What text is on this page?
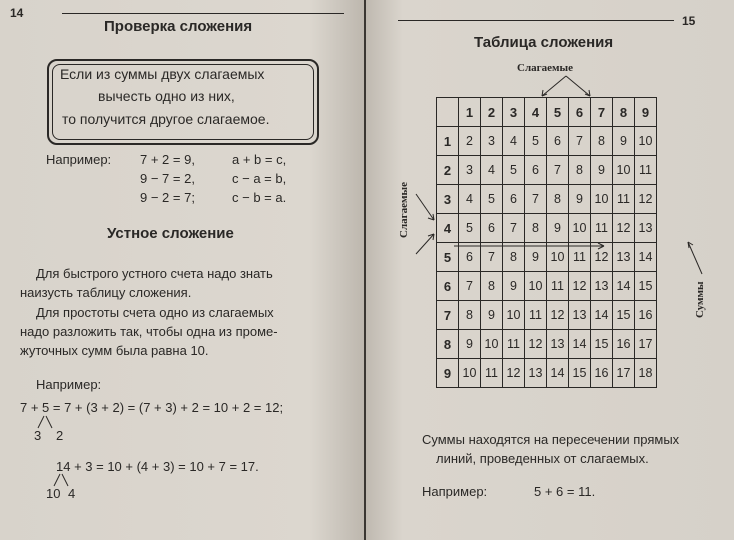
14
Проверка сложения
Если из суммы двух слагаемых
вычесть одно из них,
то получится другое слагаемое.
Например: 7 + 2 = 9,	a + b = c,
9 − 7 = 2,	c − a = b,
9 − 2 = 7;	c − b = a.
Устное сложение
Для быстрого устного счета надо знать
наизусть таблицу сложения.
Для простоты счета одно из слагаемых
надо разложить так, чтобы одна из проме-
жуточных сумм была равна 10.
Например:
7 + 5 = 7 + (3 + 2) = (7 + 3) + 2 = 10 + 2 = 12;
3 2
14 + 3 = 10 + (4 + 3) = 10 + 7 = 17.
10 4
15
Таблица сложения
Слагаемые
Слагаемые
Суммы
	1	2	3	4	5	6	7	8	9
1	2	3	4	5	6	7	8	9	10
2	3	4	5	6	7	8	9	10	11
3	4	5	6	7	8	9	10	11	12
4	5	6	7	8	9	10	11	12	13
5	6	7	8	9	10	11	12	13	14
6	7	8	9	10	11	12	13	14	15
7	8	9	10	11	12	13	14	15	16
8	9	10	11	12	13	14	15	16	17
9	10	11	12	13	14	15	16	17	18
Суммы находятся на пересечении прямых
линий, проведенных от слагаемых.
Например:	5 + 6 = 11.
